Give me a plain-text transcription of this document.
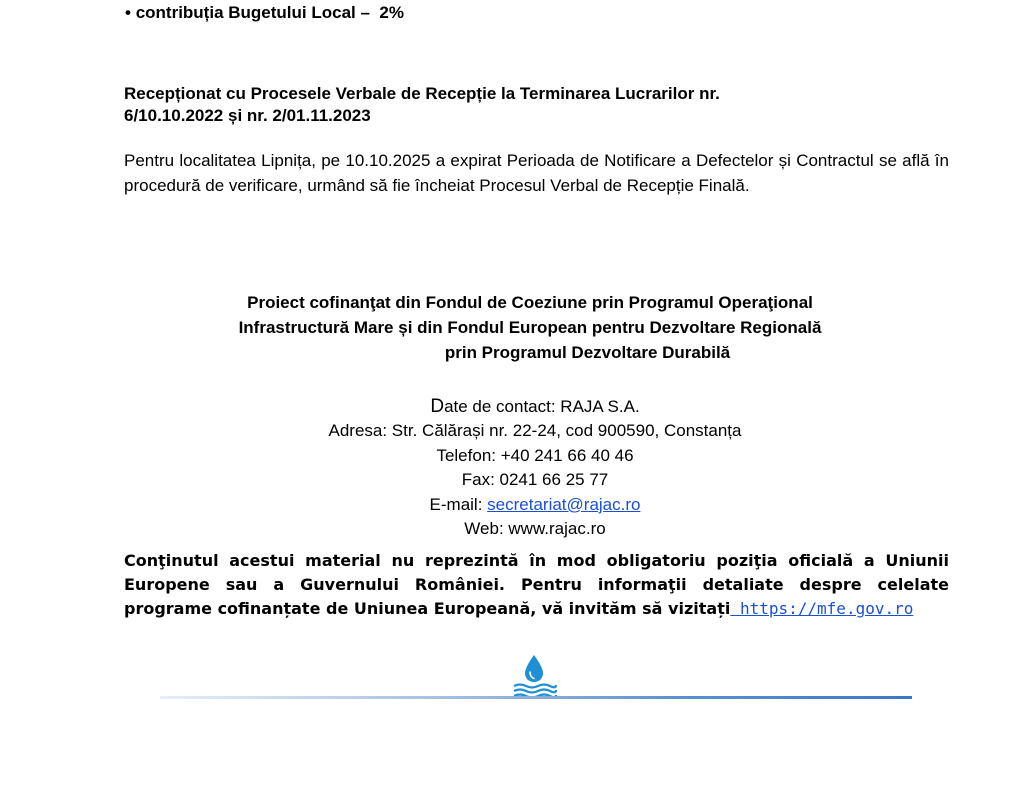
• contribuția Bugetului Local –  2%
Recepționat cu Procesele Verbale de Recepție la Terminarea Lucrarilor nr.
6/10.10.2022 și nr. 2/01.11.2023
Pentru localitatea Lipnița, pe 10.10.2025 a expirat Perioada de Notificare a Defectelor și Contractul se află în procedură de verificare, urmând să fie încheiat Procesul Verbal de Recepție Finală.
Proiect cofinanţat din Fondul de Coeziune prin Programul Operaţional
Infrastructură Mare și din Fondul European pentru Dezvoltare Regională
prin Programul Dezvoltare Durabilă
Date de contact: RAJA S.A.
Adresa: Str. Călărași nr. 22-24, cod 900590, Constanța
Telefon: +40 241 66 40 46
Fax: 0241 66 25 77
E-mail: secretariat@rajac.ro
Web: www.rajac.ro
Conţinutul acestui material nu reprezintă în mod obligatoriu poziţia oficială a Uniunii Europene sau a Guvernului României. Pentru informaţii detaliate despre celelate programe cofinanțate de Uniunea Europeană, vă invităm să vizitați https://mfe.gov.ro
